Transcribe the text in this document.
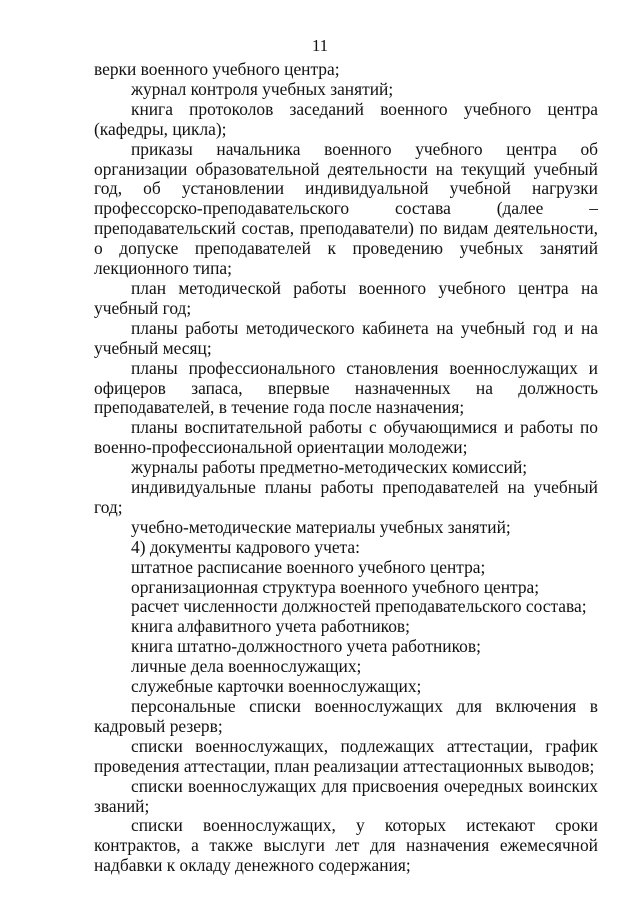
11

верки военного учебного центра;

журнал контроля учебных занятий;

книга протоколов заседаний военного учебного центра (кафедры, цикла);

приказы начальника военного учебного центра об организации образовательной деятельности на текущий учебный год, об установлении индивидуальной учебной нагрузки профессорско-преподавательского состава (далее – преподавательский состав, преподаватели) по видам деятельности, о допуске преподавателей к проведению учебных занятий лекционного типа;

план методической работы военного учебного центра на учебный год;

планы работы методического кабинета на учебный год и на учебный месяц;

планы профессионального становления военнослужащих и офицеров запаса, впервые назначенных на должность преподавателей, в течение года после назначения;

планы воспитательной работы с обучающимися и работы по военно-профессиональной ориентации молодежи;

журналы работы предметно-методических комиссий;

индивидуальные планы работы преподавателей на учебный год;

учебно-методические материалы учебных занятий;

4) документы кадрового учета:

штатное расписание военного учебного центра;

организационная структура военного учебного центра;

расчет численности должностей преподавательского состава;

книга алфавитного учета работников;

книга штатно-должностного учета работников;

личные дела военнослужащих;

служебные карточки военнослужащих;

персональные списки военнослужащих для включения в кадровый резерв;

списки военнослужащих, подлежащих аттестации, график проведения аттестации, план реализации аттестационных выводов;

списки военнослужащих для присвоения очередных воинских званий;

списки военнослужащих, у которых истекают сроки контрактов, а также выслуги лет для назначения ежемесячной надбавки к окладу денежного содержания;
